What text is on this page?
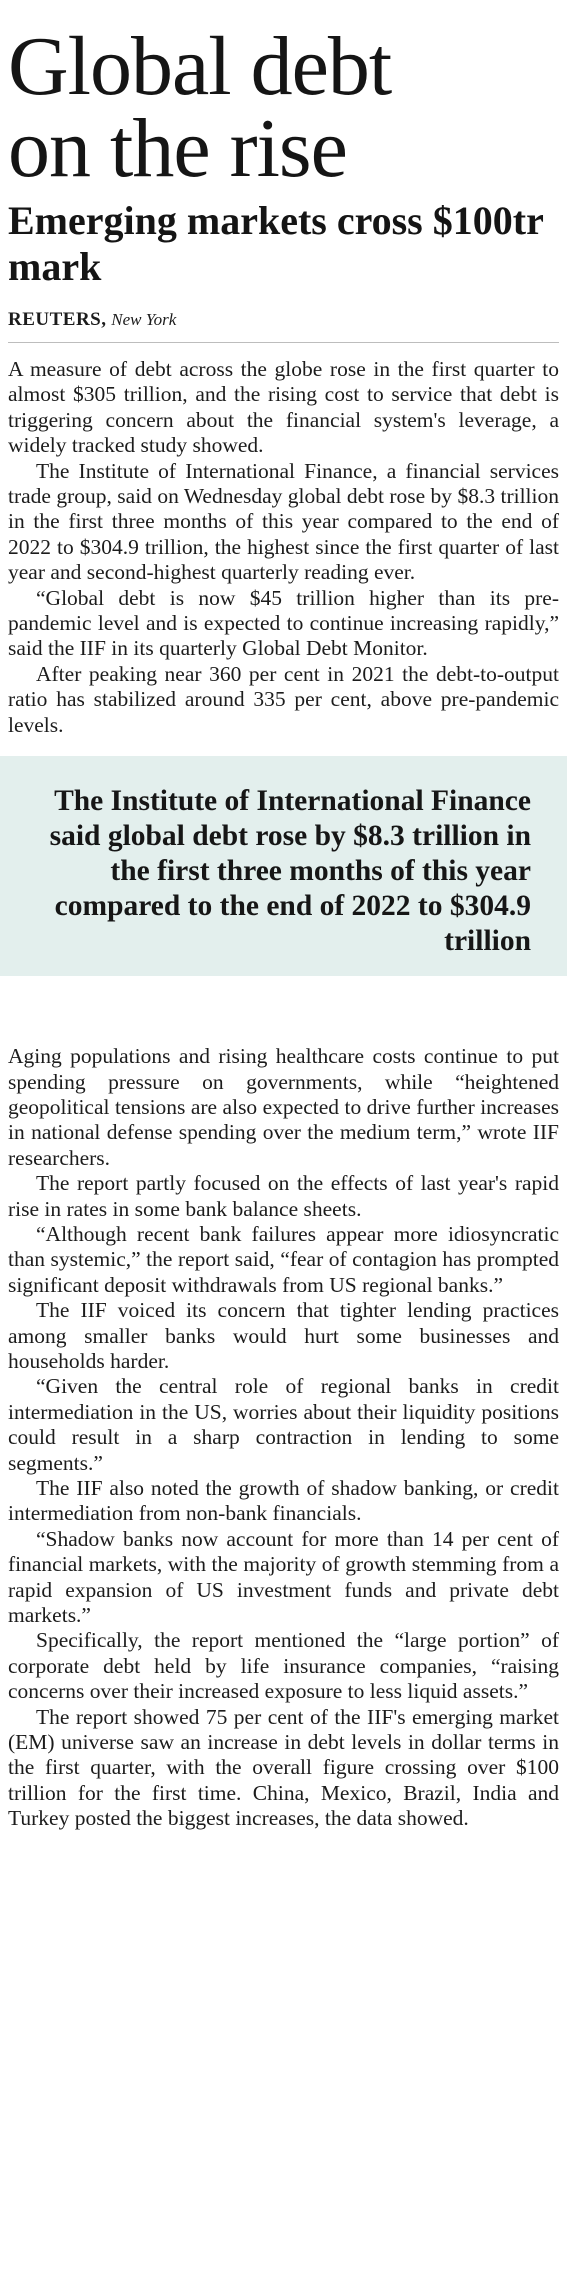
Global debt
on the rise
Emerging markets cross $100tr mark
REUTERS, New York

A measure of debt across the globe rose in the first quarter to almost $305 trillion, and the rising cost to service that debt is triggering concern about the financial system's leverage, a widely tracked study showed.

The Institute of International Finance, a financial services trade group, said on Wednesday global debt rose by $8.3 trillion in the first three months of this year compared to the end of 2022 to $304.9 trillion, the highest since the first quarter of last year and second-highest quarterly reading ever.

“Global debt is now $45 trillion higher than its pre-pandemic level and is expected to continue increasing rapidly,” said the IIF in its quarterly Global Debt Monitor.

After peaking near 360 per cent in 2021 the debt-to-output ratio has stabilized around 335 per cent, above pre-pandemic levels.

The Institute of International Finance said global debt rose by $8.3 trillion in the first three months of this year compared to the end of 2022 to $304.9 trillion

Aging populations and rising healthcare costs continue to put spending pressure on governments, while “heightened geopolitical tensions are also expected to drive further increases in national defense spending over the medium term,” wrote IIF researchers.

The report partly focused on the effects of last year's rapid rise in rates in some bank balance sheets.

“Although recent bank failures appear more idiosyncratic than systemic,” the report said, “fear of contagion has prompted significant deposit withdrawals from US regional banks.”

The IIF voiced its concern that tighter lending practices among smaller banks would hurt some businesses and households harder.

“Given the central role of regional banks in credit intermediation in the US, worries about their liquidity positions could result in a sharp contraction in lending to some segments.”

The IIF also noted the growth of shadow banking, or credit intermediation from non-bank financials.

“Shadow banks now account for more than 14 per cent of financial markets, with the majority of growth stemming from a rapid expansion of US investment funds and private debt markets.”

Specifically, the report mentioned the “large portion” of corporate debt held by life insurance companies, “raising concerns over their increased exposure to less liquid assets.”

The report showed 75 per cent of the IIF's emerging market (EM) universe saw an increase in debt levels in dollar terms in the first quarter, with the overall figure crossing over $100 trillion for the first time. China, Mexico, Brazil, India and Turkey posted the biggest increases, the data showed.
